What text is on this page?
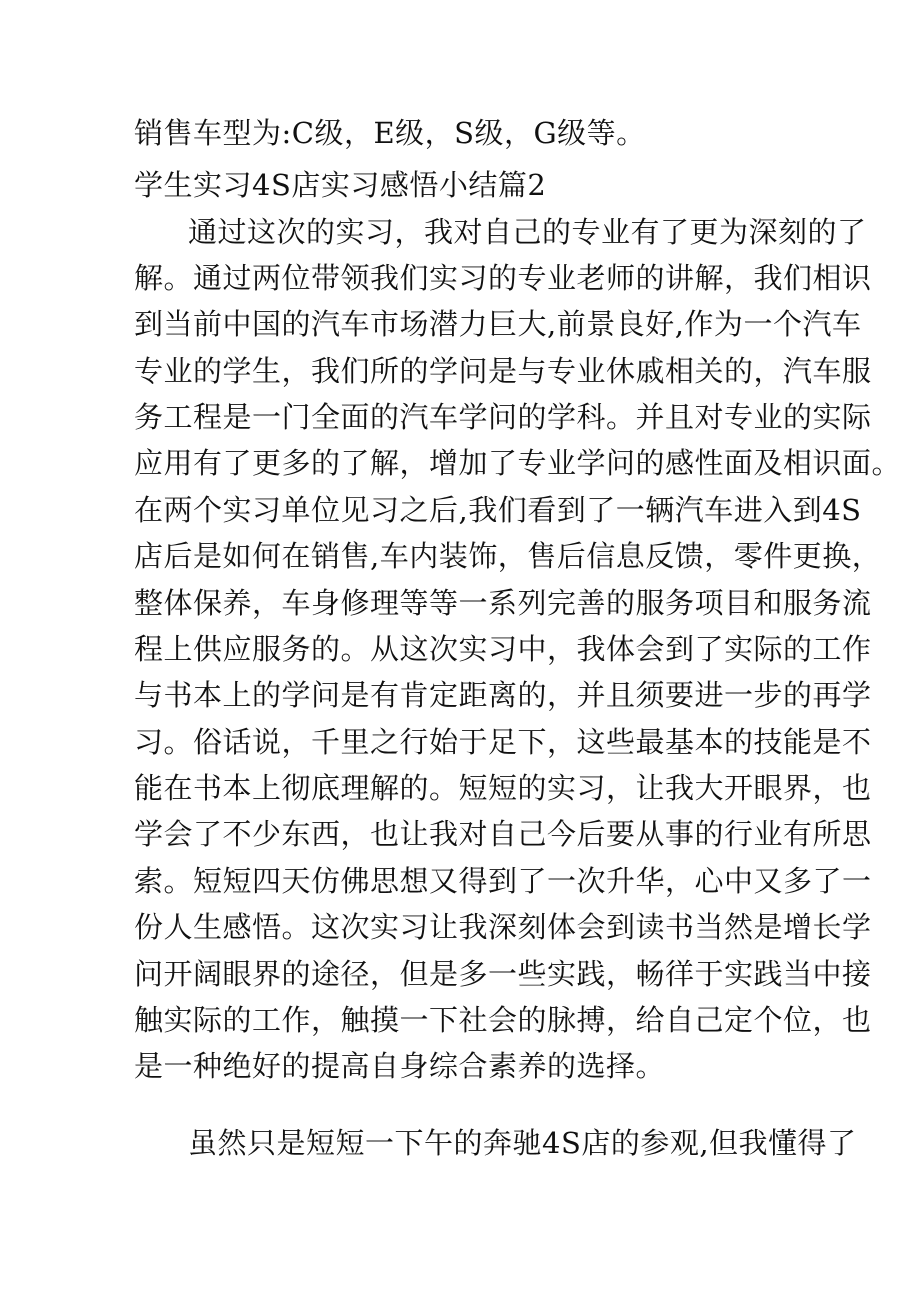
销售车型为:C级，E级，S级，G级等。
学生实习4S店实习感悟小结篇2
通过这次的实习，我对自己的专业有了更为深刻的了
解。通过两位带领我们实习的专业老师的讲解，我们相识
到当前中国的汽车市场潜力巨大,前景良好,作为一个汽车
专业的学生，我们所的学问是与专业休戚相关的，汽车服
务工程是一门全面的汽车学问的学科。并且对专业的实际
应用有了更多的了解，增加了专业学问的感性面及相识面。
在两个实习单位见习之后,我们看到了一辆汽车进入到4S
店后是如何在销售,车内装饰，售后信息反馈，零件更换，
整体保养，车身修理等等一系列完善的服务项目和服务流
程上供应服务的。从这次实习中，我体会到了实际的工作
与书本上的学问是有肯定距离的，并且须要进一步的再学
习。俗话说，千里之行始于足下，这些最基本的技能是不
能在书本上彻底理解的。短短的实习，让我大开眼界，也
学会了不少东西，也让我对自己今后要从事的行业有所思
索。短短四天仿佛思想又得到了一次升华，心中又多了一
份人生感悟。这次实习让我深刻体会到读书当然是增长学
问开阔眼界的途径，但是多一些实践，畅徉于实践当中接
触实际的工作，触摸一下社会的脉搏，给自己定个位，也
是一种绝好的提高自身综合素养的选择。
虽然只是短短一下午的奔驰4S店的参观,但我懂得了
